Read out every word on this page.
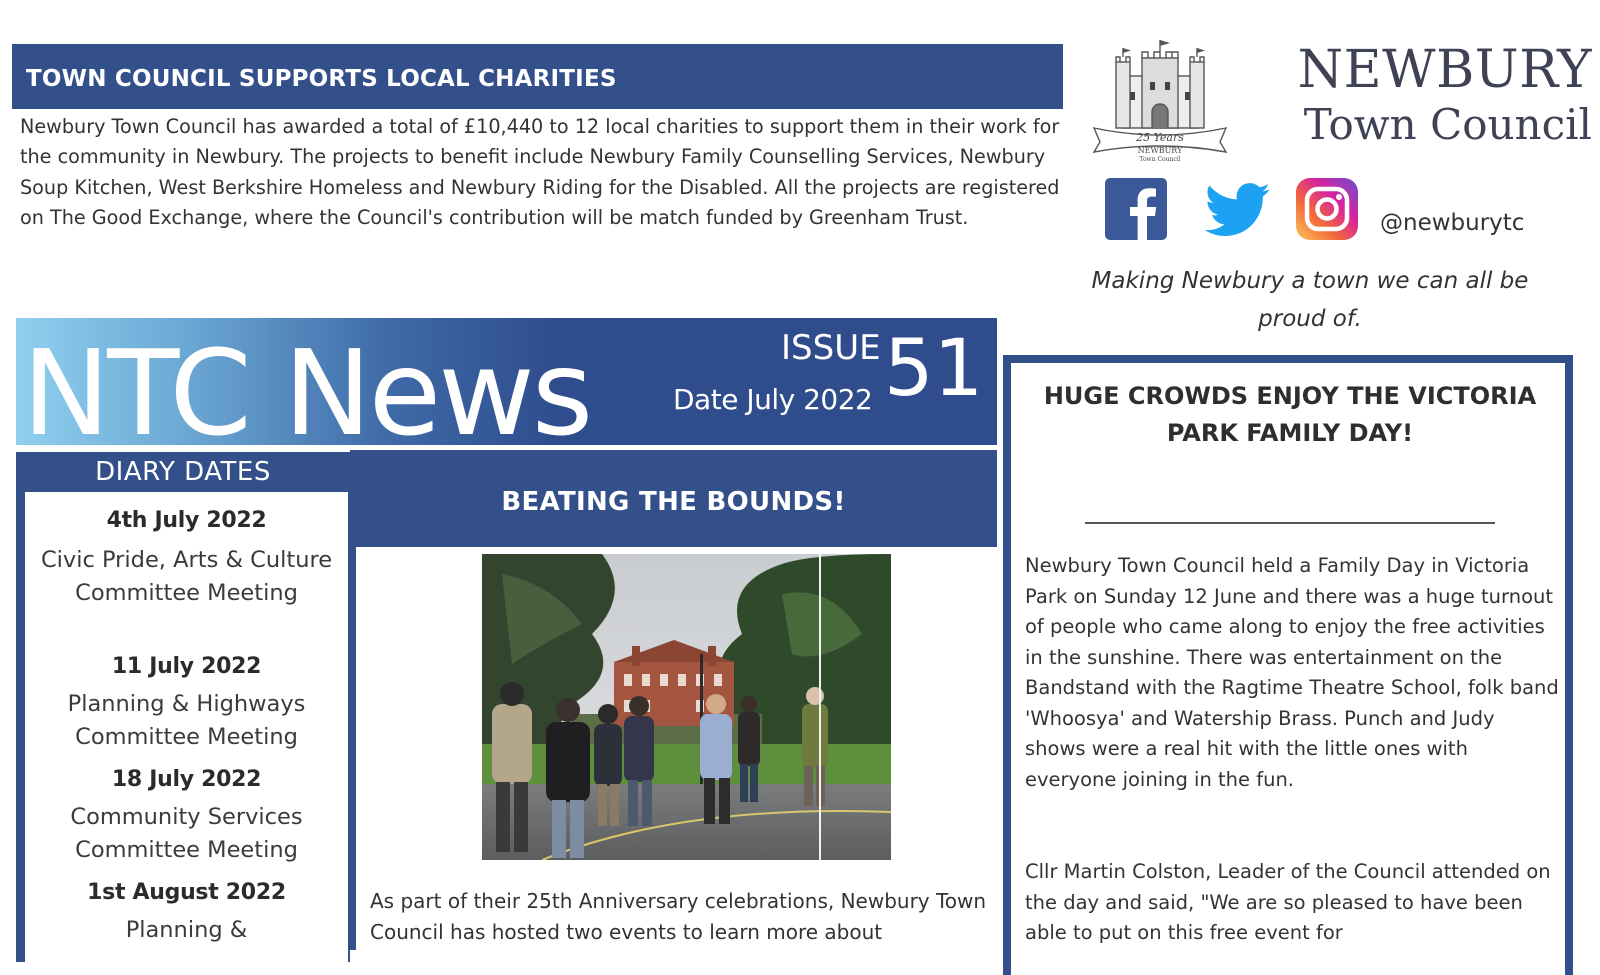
TOWN COUNCIL SUPPORTS LOCAL CHARITIES

Newbury Town Council has awarded a total of £10,440 to 12 local charities to support them in their work for the community in Newbury. The projects to benefit include Newbury Family Counselling Services, Newbury Soup Kitchen, West Berkshire Homeless and Newbury Riding for the Disabled. All the projects are registered on The Good Exchange, where the Council's contribution will be match funded by Greenham Trust.

25 Years
NEWBURY
Town Council
NEWBURY
Town Council
@newburytc

Making Newbury a town we can all be proud of.

NTC News	ISSUE 51
Date July 2022
DIARY DATES
4th July 2022

Civic Pride, Arts & Culture Committee Meeting

11 July 2022

Planning & Highways Committee Meeting

18 July 2022

Community Services Committee Meeting

1st August 2022

Planning &

BEATING THE BOUNDS!

As part of their 25th Anniversary celebrations, Newbury Town Council has hosted two events to learn more about

HUGE CROWDS ENJOY THE VICTORIA PARK FAMILY DAY!

Newbury Town Council held a Family Day in Victoria Park on Sunday 12 June and there was a huge turnout of people who came along to enjoy the free activities in the sunshine. There was entertainment on the Bandstand with the Ragtime Theatre School, folk band 'Whoosya' and Watership Brass. Punch and Judy shows were a real hit with the little ones with everyone joining in the fun.

Cllr Martin Colston, Leader of the Council attended on the day and said, "We are so pleased to have been able to put on this free event for
